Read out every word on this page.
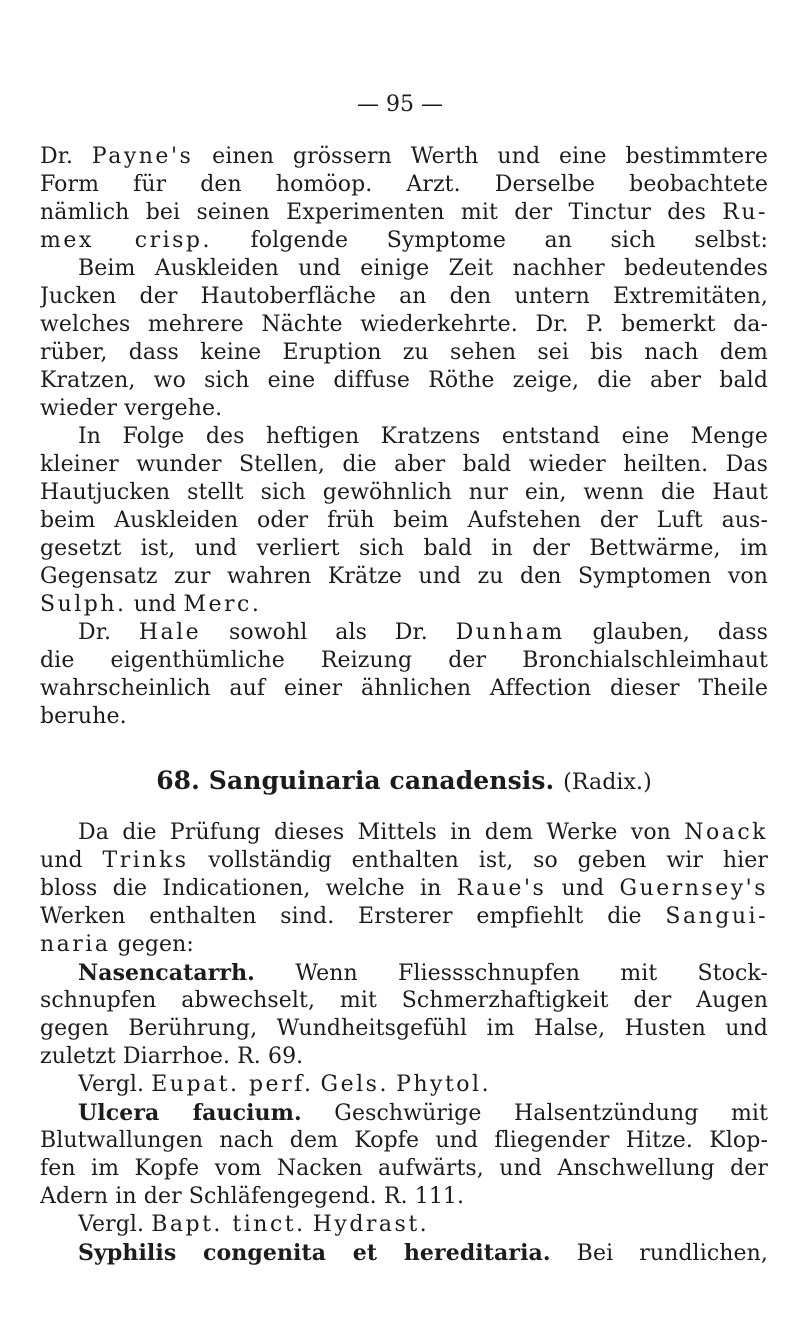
— 95 —
Dr. Payne's einen grössern Werth und eine bestimmtere
Form für den homöop. Arzt. Derselbe beobachtete
nämlich bei seinen Experimenten mit der Tinctur des Ru-
mex crisp. folgende Symptome an sich selbst:
Beim Auskleiden und einige Zeit nachher bedeutendes
Jucken der Hautoberfläche an den untern Extremitäten,
welches mehrere Nächte wiederkehrte. Dr. P. bemerkt da-
rüber, dass keine Eruption zu sehen sei bis nach dem
Kratzen, wo sich eine diffuse Röthe zeige, die aber bald
wieder vergehe.
In Folge des heftigen Kratzens entstand eine Menge
kleiner wunder Stellen, die aber bald wieder heilten. Das
Hautjucken stellt sich gewöhnlich nur ein, wenn die Haut
beim Auskleiden oder früh beim Aufstehen der Luft aus-
gesetzt ist, und verliert sich bald in der Bettwärme, im
Gegensatz zur wahren Krätze und zu den Symptomen von
Sulph. und Merc.
Dr. Hale sowohl als Dr. Dunham glauben, dass
die eigenthümliche Reizung der Bronchialschleimhaut
wahrscheinlich auf einer ähnlichen Affection dieser Theile
beruhe.
68. Sanguinaria canadensis. (Radix.)
Da die Prüfung dieses Mittels in dem Werke von Noack
und Trinks vollständig enthalten ist, so geben wir hier
bloss die Indicationen, welche in Raue's und Guernsey's
Werken enthalten sind. Ersterer empfiehlt die Sangui-
naria gegen:
Nasencatarrh. Wenn Fliessschnupfen mit Stock-
schnupfen abwechselt, mit Schmerzhaftigkeit der Augen
gegen Berührung, Wundheitsgefühl im Halse, Husten und
zuletzt Diarrhoe. R. 69.
Vergl. Eupat. perf. Gels. Phytol.
Ulcera faucium. Geschwürige Halsentzündung mit
Blutwallungen nach dem Kopfe und fliegender Hitze. Klop-
fen im Kopfe vom Nacken aufwärts, und Anschwellung der
Adern in der Schläfengegend. R. 111.
Vergl. Bapt. tinct. Hydrast.
Syphilis congenita et hereditaria. Bei rundlichen,
